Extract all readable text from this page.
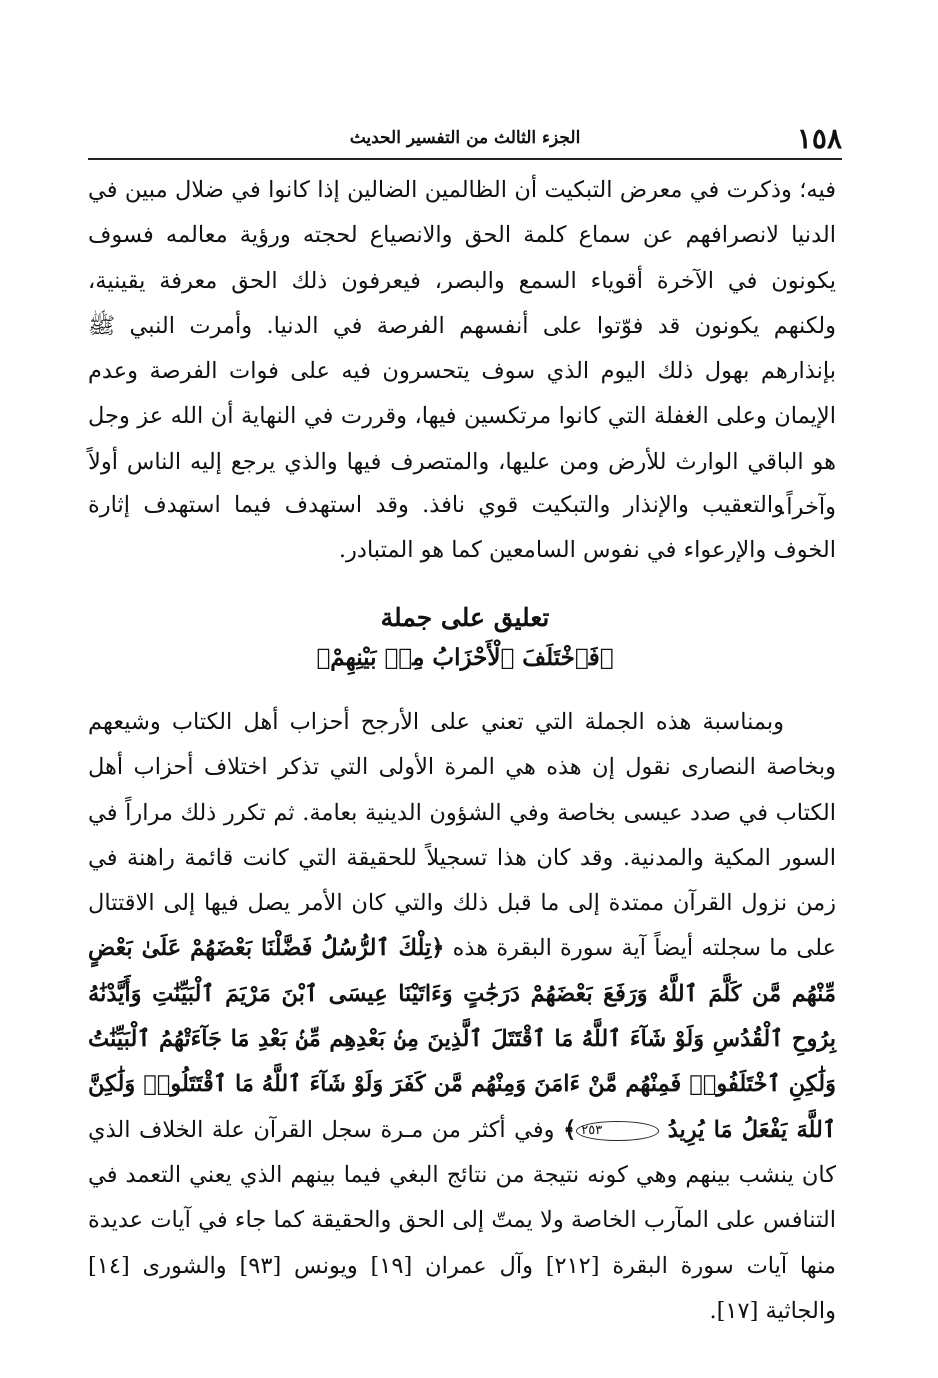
١٥٨
الجزء الثالث من التفسير الحديث

فيه؛ وذكرت في معرض التبكيت أن الظالمين الضالين إذا كانوا في ضلال مبين في الدنيا لانصرافهم عن سماع كلمة الحق والانصياع لحجته ورؤية معالمه فسوف يكونون في الآخرة أقوياء السمع والبصر، فيعرفون ذلك الحق معرفة يقينية، ولكنهم يكونون قد فوّتوا على أنفسهم الفرصة في الدنيا. وأمرت النبي ﷺ بإنذارهم بهول ذلك اليوم الذي سوف يتحسرون فيه على فوات الفرصة وعدم الإيمان وعلى الغفلة التي كانوا مرتكسين فيها، وقررت في النهاية أن الله عز وجل هو الباقي الوارث للأرض ومن عليها، والمتصرف فيها والذي يرجع إليه الناس أولاً وآخراً.

والتعقيب والإنذار والتبكيت قوي نافذ. وقد استهدف فيما استهدف إثارة الخوف والإرعواء في نفوس السامعين كما هو المتبادر.

تعليق على جملة
﴿فَٱخْتَلَفَ ٱلْأَحْزَابُ مِنۢ بَيْنِهِمْ﴾

وبمناسبة هذه الجملة التي تعني على الأرجح أحزاب أهل الكتاب وشيعهم وبخاصة النصارى نقول إن هذه هي المرة الأولى التي تذكر اختلاف أحزاب أهل الكتاب في صدد عيسى بخاصة وفي الشؤون الدينية بعامة. ثم تكرر ذلك مراراً في السور المكية والمدنية. وقد كان هذا تسجيلاً للحقيقة التي كانت قائمة راهنة في زمن نزول القرآن ممتدة إلى ما قبل ذلك والتي كان الأمر يصل فيها إلى الاقتتال على ما سجلته أيضاً آية سورة البقرة هذه ﴿تِلْكَ ٱلرُّسُلُ فَضَّلْنَا بَعْضَهُمْ عَلَىٰ بَعْضٍ مِّنْهُم مَّن كَلَّمَ ٱللَّهُ وَرَفَعَ بَعْضَهُمْ دَرَجَٰتٍ وَءَاتَيْنَا عِيسَى ٱبْنَ مَرْيَمَ ٱلْبَيِّنَٰتِ وَأَيَّدْنَٰهُ بِرُوحِ ٱلْقُدُسِ وَلَوْ شَآءَ ٱللَّهُ مَا ٱقْتَتَلَ ٱلَّذِينَ مِنۢ بَعْدِهِم مِّنۢ بَعْدِ مَا جَآءَتْهُمُ ٱلْبَيِّنَٰتُ وَلَٰكِنِ ٱخْتَلَفُوا۟ فَمِنْهُم مَّنْ ءَامَنَ وَمِنْهُم مَّن كَفَرَ وَلَوْ شَآءَ ٱللَّهُ مَا ٱقْتَتَلُوا۟ وَلَٰكِنَّ ٱللَّهَ يَفْعَلُ مَا يُرِيدُ ٢٥٣﴾ وفي أكثر من مـرة سجل القرآن علة الخلاف الذي كان ينشب بينهم وهي كونه نتيجة من نتائج البغي فيما بينهم الذي يعني التعمد في التنافس على المآرب الخاصة ولا يمتّ إلى الحق والحقيقة كما جاء في آيات عديدة منها آيات سورة البقرة [٢١٢] وآل عمران [١٩] ويونس [٩٣] والشورى [١٤] والجاثية [١٧].
